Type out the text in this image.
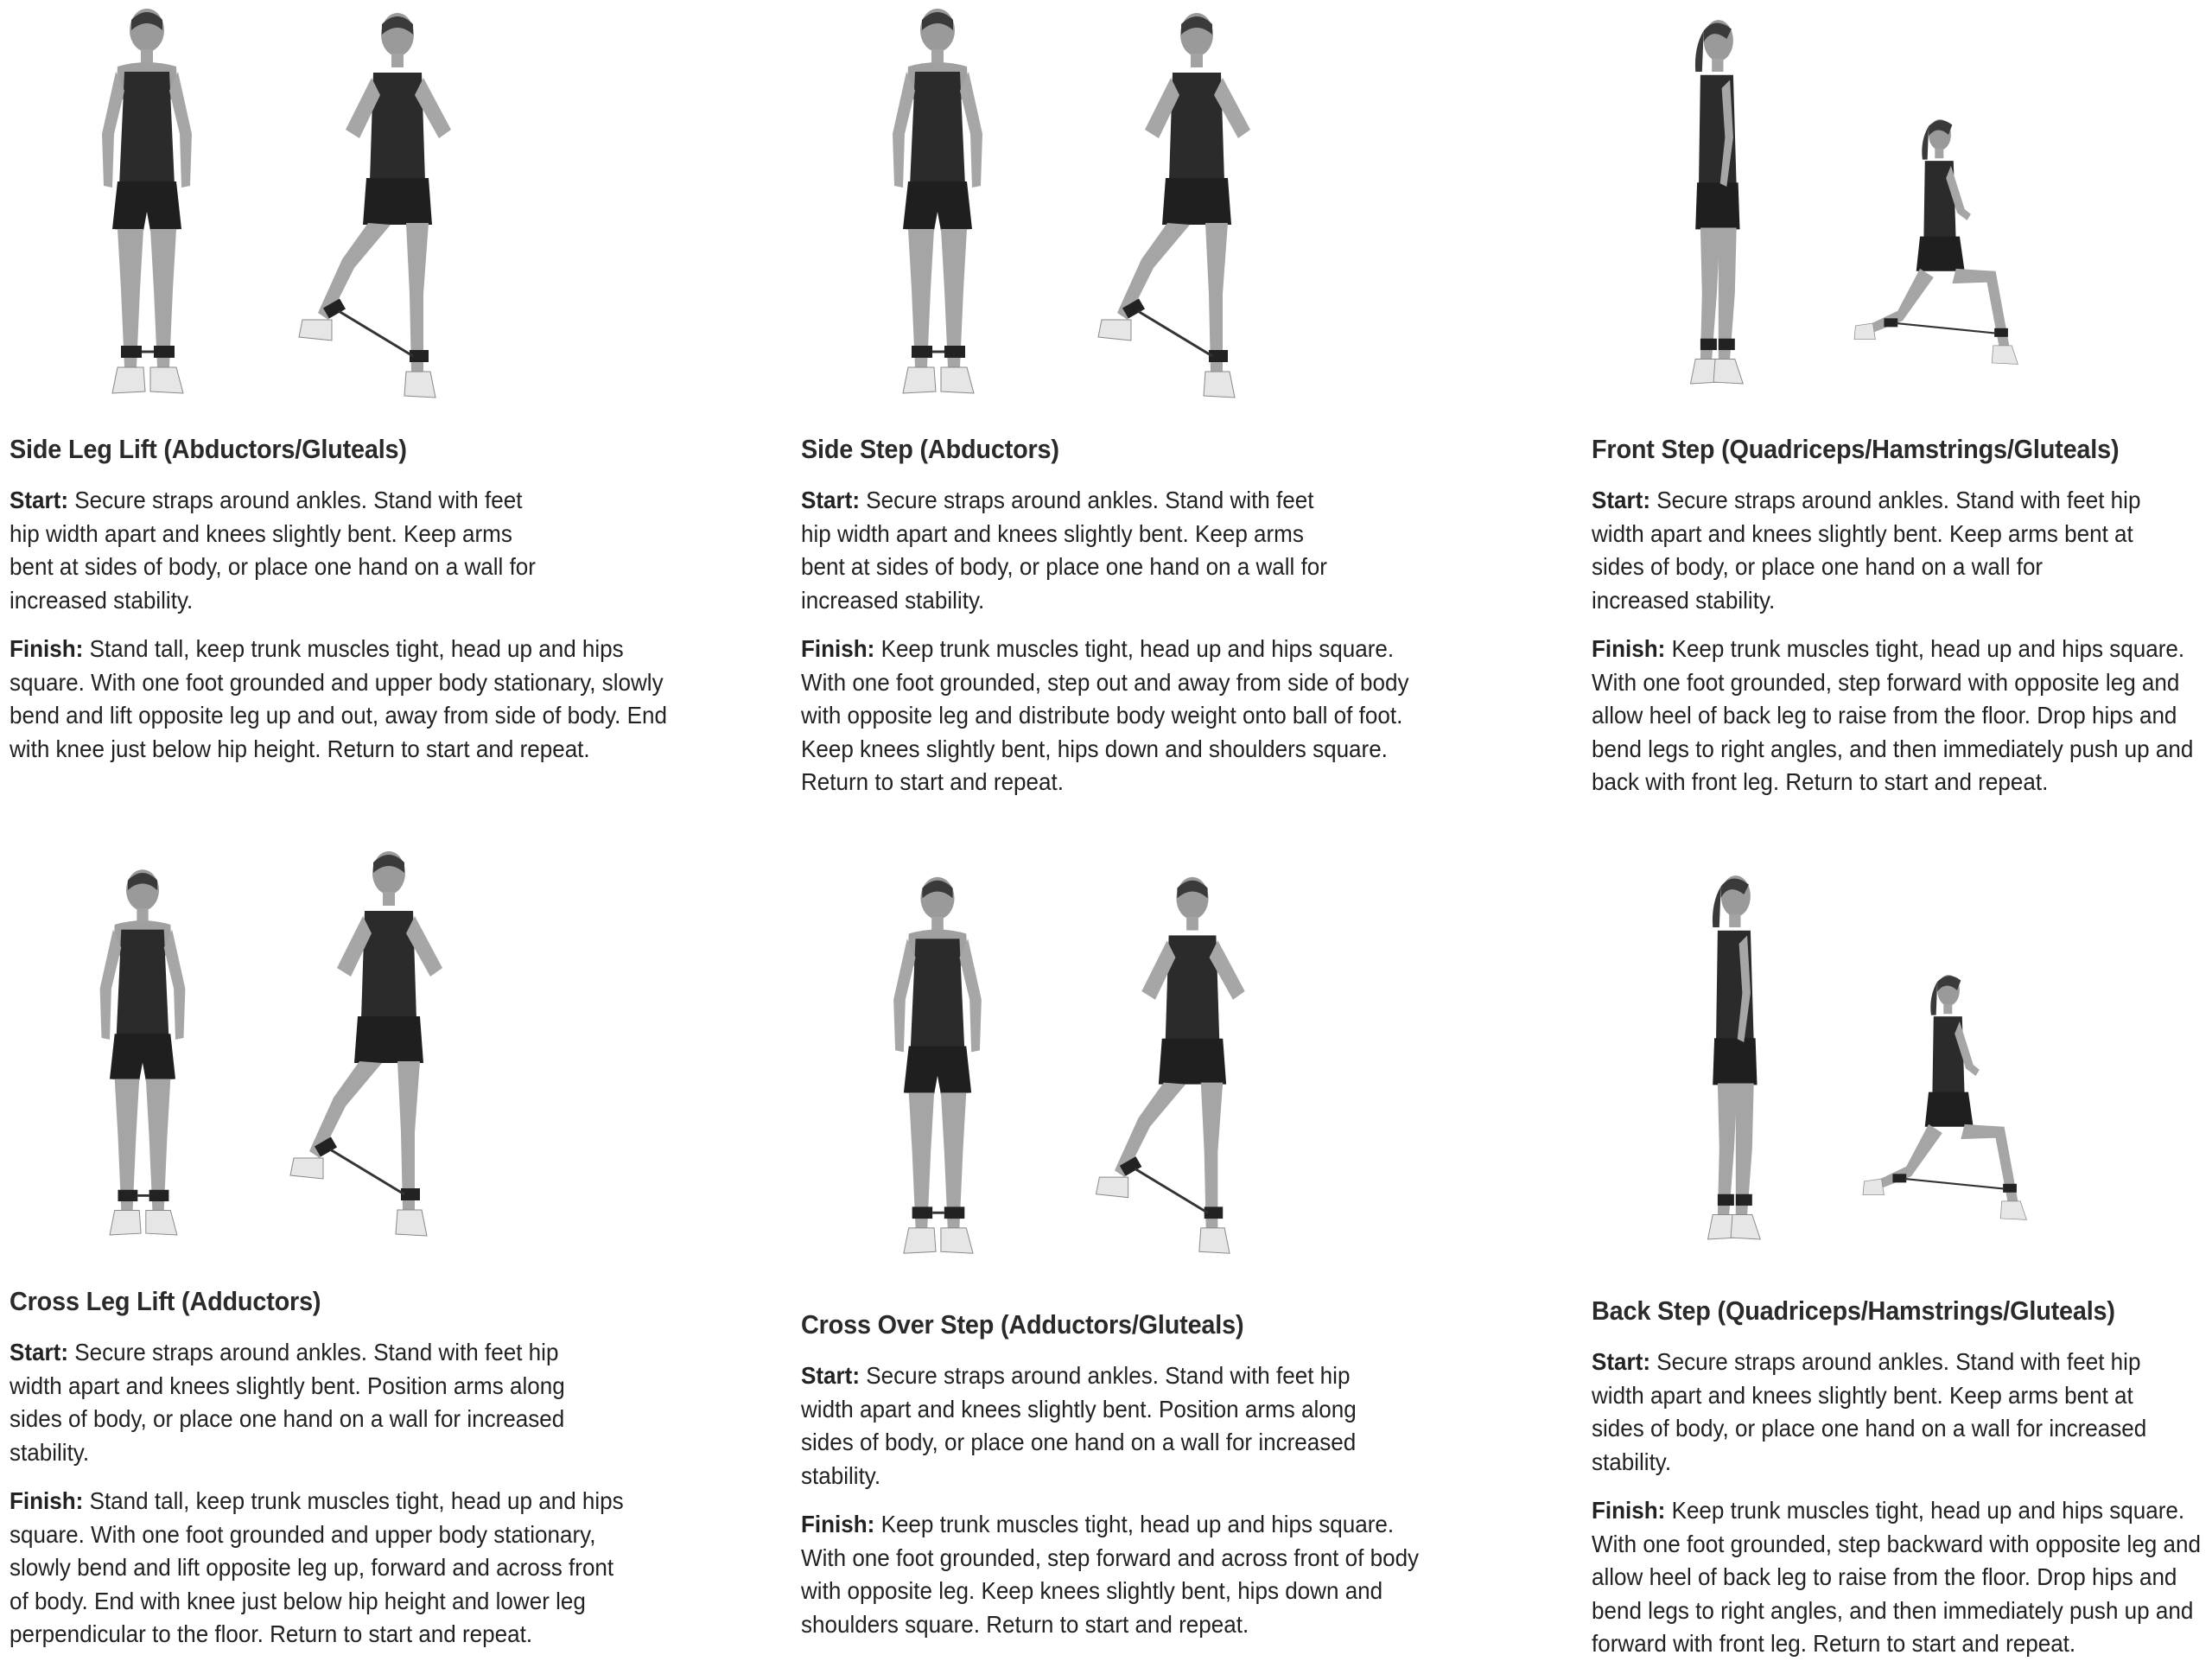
Side Leg Lift (Abductors/Gluteals)
Start: Secure straps around ankles. Stand with feet hip width apart and knees slightly bent. Keep arms bent at sides of body, or place one hand on a wall for increased stability.
Finish: Stand tall, keep trunk muscles tight, head up and hips square. With one foot grounded and upper body stationary, slowly bend and lift opposite leg up and out, away from side of body. End with knee just below hip height. Return to start and repeat.
Side Step (Abductors)
Start: Secure straps around ankles. Stand with feet hip width apart and knees slightly bent. Keep arms bent at sides of body, or place one hand on a wall for increased stability.
Finish: Keep trunk muscles tight, head up and hips square. With one foot grounded, step out and away from side of body with opposite leg and distribute body weight onto ball of foot. Keep knees slightly bent, hips down and shoulders square. Return to start and repeat.
Front Step (Quadriceps/Hamstrings/Gluteals)
Start: Secure straps around ankles. Stand with feet hip width apart and knees slightly bent. Keep arms bent at sides of body, or place one hand on a wall for increased stability.
Finish: Keep trunk muscles tight, head up and hips square. With one foot grounded, step forward with opposite leg and allow heel of back leg to raise from the floor. Drop hips and bend legs to right angles, and then immediately push up and back with front leg. Return to start and repeat.
Cross Leg Lift (Adductors)
Start: Secure straps around ankles. Stand with feet hip width apart and knees slightly bent. Position arms along sides of body, or place one hand on a wall for increased stability.
Finish: Stand tall, keep trunk muscles tight, head up and hips square. With one foot grounded and upper body stationary, slowly bend and lift opposite leg up, forward and across front of body. End with knee just below hip height and lower leg perpendicular to the floor. Return to start and repeat.
Cross Over Step (Adductors/Gluteals)
Start: Secure straps around ankles. Stand with feet hip width apart and knees slightly bent. Position arms along sides of body, or place one hand on a wall for increased stability.
Finish: Keep trunk muscles tight, head up and hips square. With one foot grounded, step forward and across front of body with opposite leg. Keep knees slightly bent, hips down and shoulders square. Return to start and repeat.
Back Step (Quadriceps/Hamstrings/Gluteals)
Start: Secure straps around ankles. Stand with feet hip width apart and knees slightly bent. Keep arms bent at sides of body, or place one hand on a wall for increased stability.
Finish: Keep trunk muscles tight, head up and hips square. With one foot grounded, step backward with opposite leg and allow heel of back leg to raise from the floor. Drop hips and bend legs to right angles, and then immediately push up and forward with front leg. Return to start and repeat.
